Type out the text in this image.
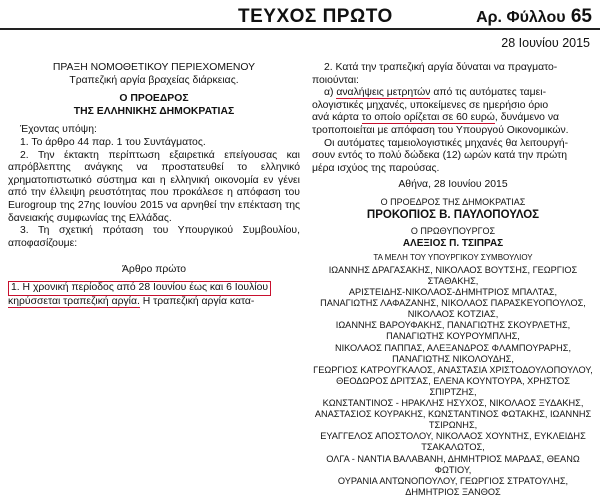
ΤΕΥΧΟΣ ΠΡΩΤΟ	Αρ. Φύλλου 65
28 Ιουνίου 2015
ΠΡΑΞΗ ΝΟΜΟΘΕΤΙΚΟΥ ΠΕΡΙΕΧΟΜΕΝΟΥ
Τραπεζική αργία βραχείας διάρκειας.
Ο ΠΡΟΕΔΡΟΣ
ΤΗΣ ΕΛΛΗΝΙΚΗΣ ΔΗΜΟΚΡΑΤΙΑΣ
Έχοντας υπόψη:
1. Το άρθρο 44 παρ. 1 του Συντάγματος.
2. Την έκτακτη περίπτωση εξαιρετικά επείγουσας και απρόβλεπτης ανάγκης να προστατευθεί το ελληνικό χρηματοπιστωτικό σύστημα και η ελληνική οικονομία εν γένει από την έλλειψη ρευστότητας που προκάλεσε η απόφαση του Eurogroup της 27ης Ιουνίου 2015 να αρνηθεί την επέκταση της δανειακής συμφωνίας της Ελλάδας.
3. Τη σχετική πρόταση του Υπουργικού Συμβουλίου, αποφασίζουμε:
Άρθρο πρώτο
1. Η χρονική περίοδος από 28 Ιουνίου έως και 6 Ιουλίου
κηρύσσεται τραπεζική αργία. Η τραπεζική αργία κατα-
2. Κατά την τραπεζική αργία δύναται να πραγματο-
ποιούνται:
α) αναλήψεις μετρητών από τις αυτόματες ταμει-
ολογιστικές μηχανές, υποκείμενες σε ημερήσιο όριο
ανά κάρτα το οποίο ορίζεται σε 60 ευρώ, δυνάμενο να
τροποποιείται με απόφαση του Υπουργού Οικονομικών.
Οι αυτόματες ταμειολογιστικές μηχανές θα λειτουργή-
σουν εντός το πολύ δώδεκα (12) ωρών κατά την πρώτη
μέρα ισχύος της παρούσας.
Αθήνα, 28 Ιουνίου 2015
Ο ΠΡΟΕΔΡΟΣ ΤΗΣ ΔΗΜΟΚΡΑΤΙΑΣ
ΠΡΟΚΟΠΙΟΣ Β. ΠΑΥΛΟΠΟΥΛΟΣ
Ο ΠΡΩΘΥΠΟΥΡΓΟΣ
ΑΛΕΞΙΟΣ Π. ΤΣΙΠΡΑΣ
ΤΑ ΜΕΛΗ ΤΟΥ ΥΠΟΥΡΓΙΚΟΥ ΣΥΜΒΟΥΛΙΟΥ
ΙΩΑΝΝΗΣ ΔΡΑΓΑΣΑΚΗΣ, ΝΙΚΟΛΑΟΣ ΒΟΥΤΣΗΣ, ΓΕΩΡΓΙΟΣ ΣΤΑΘΑΚΗΣ,
ΑΡΙΣΤΕΙΔΗΣ-ΝΙΚΟΛΑΟΣ-ΔΗΜΗΤΡΙΟΣ ΜΠΑΛΤΑΣ,
ΠΑΝΑΓΙΩΤΗΣ ΛΑΦΑΖΑΝΗΣ, ΝΙΚΟΛΑΟΣ ΠΑΡΑΣΚΕΥΟΠΟΥΛΟΣ, ΝΙΚΟΛΑΟΣ ΚΟΤΖΙΑΣ,
ΙΩΑΝΝΗΣ ΒΑΡΟΥΦΑΚΗΣ, ΠΑΝΑΓΙΩΤΗΣ ΣΚΟΥΡΛΕΤΗΣ, ΠΑΝΑΓΙΩΤΗΣ ΚΟΥΡΟΥΜΠΛΗΣ,
ΝΙΚΟΛΑΟΣ ΠΑΠΠΑΣ, ΑΛΕΞΑΝΔΡΟΣ ΦΛΑΜΠΟΥΡΑΡΗΣ, ΠΑΝΑΓΙΩΤΗΣ ΝΙΚΟΛΟΥΔΗΣ,
ΓΕΩΡΓΙΟΣ ΚΑΤΡΟΥΓΚΑΛΟΣ, ΑΝΑΣΤΑΣΙΑ ΧΡΙΣΤΟΔΟΥΛΟΠΟΥΛΟΥ,
ΘΕΟΔΩΡΟΣ ΔΡΙΤΣΑΣ, ΕΛΕΝΑ ΚΟΥΝΤΟΥΡΑ, ΧΡΗΣΤΟΣ ΣΠΙΡΤΖΗΣ,
ΚΩΝΣΤΑΝΤΙΝΟΣ - ΗΡΑΚΛΗΣ ΗΣΥΧΟΣ, ΝΙΚΟΛΑΟΣ ΞΥΔΑΚΗΣ,
ΑΝΑΣΤΑΣΙΟΣ ΚΟΥΡΑΚΗΣ, ΚΩΝΣΤΑΝΤΙΝΟΣ ΦΩΤΑΚΗΣ, ΙΩΑΝΝΗΣ ΤΣΙΡΩΝΗΣ,
ΕΥΑΓΓΕΛΟΣ ΑΠΟΣΤΟΛΟΥ, ΝΙΚΟΛΑΟΣ ΧΟΥΝΤΗΣ, ΕΥΚΛΕΙΔΗΣ ΤΣΑΚΑΛΩΤΟΣ,
ΟΛΓΑ - ΝΑΝΤΙΑ ΒΑΛΑΒΑΝΗ, ΔΗΜΗΤΡΙΟΣ ΜΑΡΔΑΣ, ΘΕΑΝΩ ΦΩΤΙΟΥ,
ΟΥΡΑΝΙΑ ΑΝΤΩΝΟΠΟΥΛΟΥ, ΓΕΩΡΓΙΟΣ ΣΤΡΑΤΟΥΛΗΣ, ΔΗΜΗΤΡΙΟΣ ΞΑΝΘΟΣ
